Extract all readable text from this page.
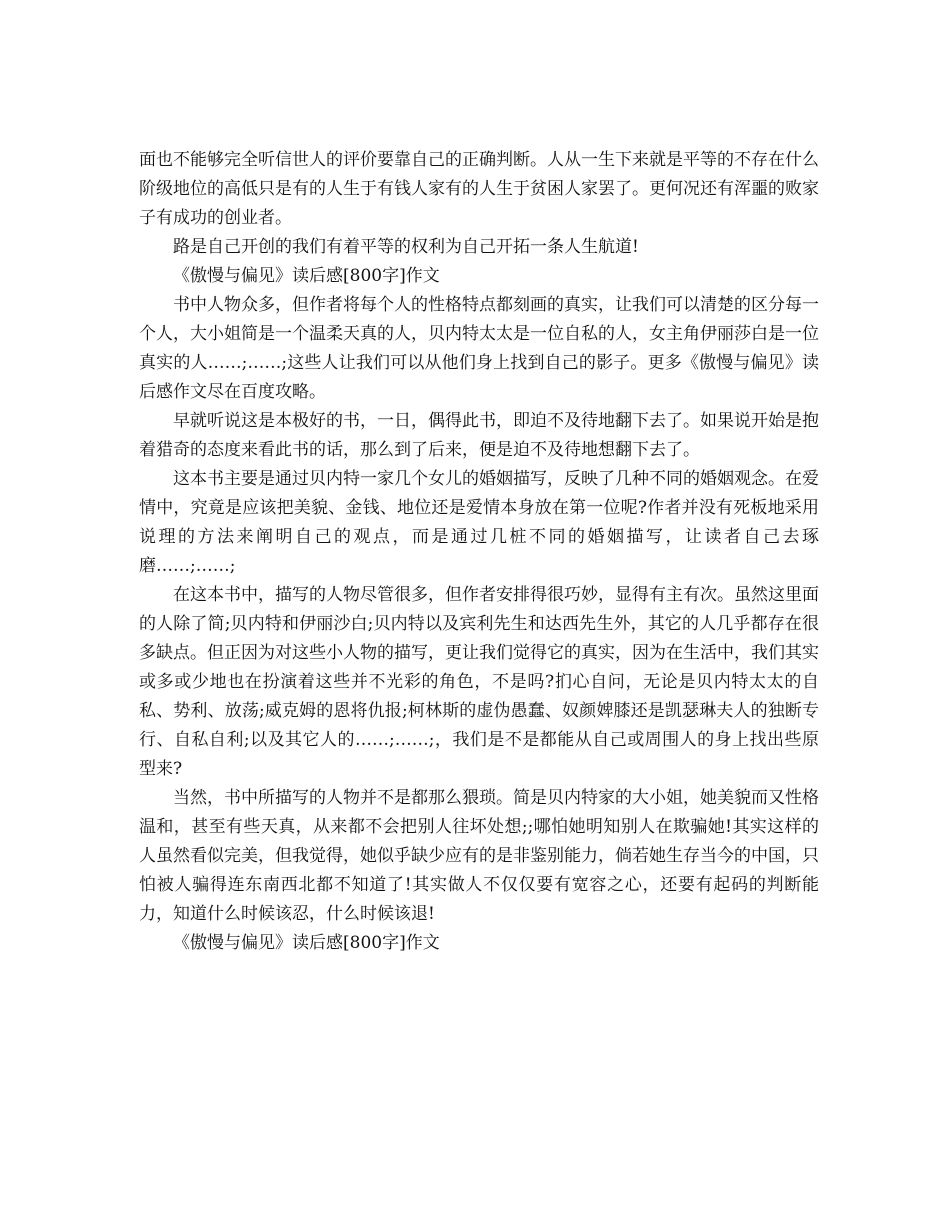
面也不能够完全听信世人的评价要靠自己的正确判断。人从一生下来就是平等的不存在什么阶级地位的高低只是有的人生于有钱人家有的人生于贫困人家罢了。更何况还有浑噩的败家子有成功的创业者。

路是自己开创的我们有着平等的权利为自己开拓一条人生航道!

《傲慢与偏见》读后感[800字]作文

书中人物众多，但作者将每个人的性格特点都刻画的真实，让我们可以清楚的区分每一个人，大小姐简是一个温柔天真的人，贝内特太太是一位自私的人，女主角伊丽莎白是一位真实的人……;……;这些人让我们可以从他们身上找到自己的影子。更多《傲慢与偏见》读后感作文尽在百度攻略。

早就听说这是本极好的书，一日，偶得此书，即迫不及待地翻下去了。如果说开始是抱着猎奇的态度来看此书的话，那么到了后来，便是迫不及待地想翻下去了。

这本书主要是通过贝内特一家几个女儿的婚姻描写，反映了几种不同的婚姻观念。在爱情中，究竟是应该把美貌、金钱、地位还是爱情本身放在第一位呢?作者并没有死板地采用说理的方法来阐明自己的观点，而是通过几桩不同的婚姻描写，让读者自己去琢磨……;……;

在这本书中，描写的人物尽管很多，但作者安排得很巧妙，显得有主有次。虽然这里面的人除了简;贝内特和伊丽沙白;贝内特以及宾利先生和达西先生外，其它的人几乎都存在很多缺点。但正因为对这些小人物的描写，更让我们觉得它的真实，因为在生活中，我们其实或多或少地也在扮演着这些并不光彩的角色，不是吗?扪心自问，无论是贝内特太太的自私、势利、放荡;威克姆的恩将仇报;柯林斯的虚伪愚蠢、奴颜婢膝还是凯瑟琳夫人的独断专行、自私自利;以及其它人的……;……;，我们是不是都能从自己或周围人的身上找出些原型来?

当然，书中所描写的人物并不是都那么猥琐。简是贝内特家的大小姐，她美貌而又性格温和，甚至有些天真，从来都不会把别人往坏处想;;哪怕她明知别人在欺骗她!其实这样的人虽然看似完美，但我觉得，她似乎缺少应有的是非鉴别能力，倘若她生存当今的中国，只怕被人骗得连东南西北都不知道了!其实做人不仅仅要有宽容之心，还要有起码的判断能力，知道什么时候该忍，什么时候该退!

《傲慢与偏见》读后感[800字]作文
